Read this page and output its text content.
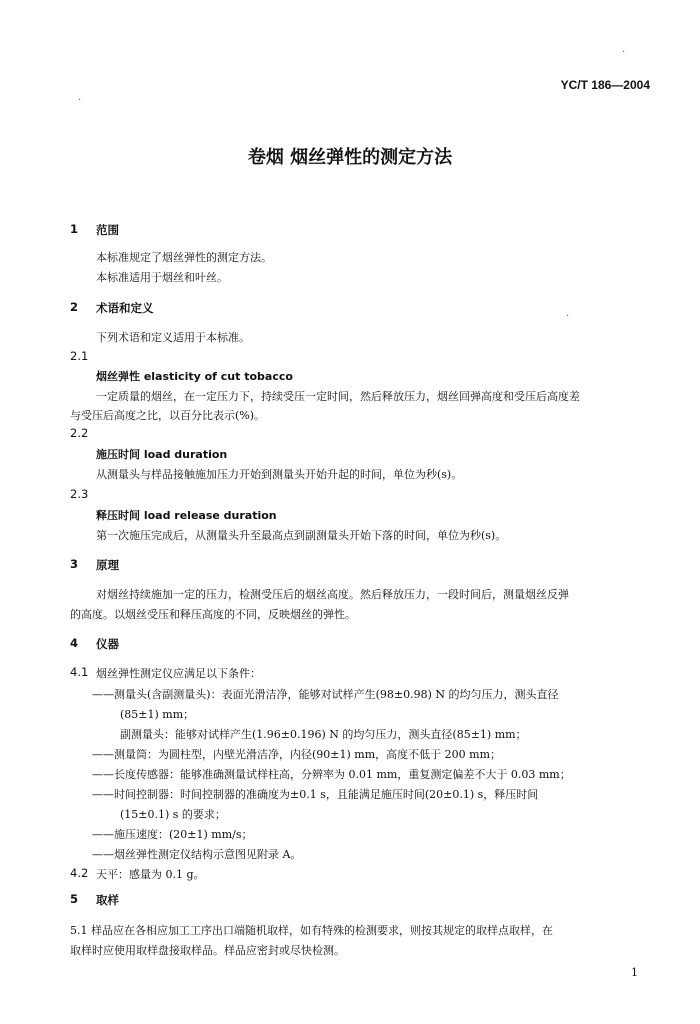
.
.
.
YC/T 186—2004
卷烟 烟丝弹性的测定方法
1 范围
本标准规定了烟丝弹性的测定方法。
本标准适用于烟丝和叶丝。
2 术语和定义
下列术语和定义适用于本标准。
2.1
烟丝弹性 elasticity of cut tobacco
一定质量的烟丝，在一定压力下，持续受压一定时间，然后释放压力，烟丝回弹高度和受压后高度差
与受压后高度之比，以百分比表示(%)。
2.2
施压时间 load duration
从测量头与样品接触施加压力开始到测量头开始升起的时间，单位为秒(s)。
2.3
释压时间 load release duration
第一次施压完成后，从测量头升至最高点到副测量头开始下落的时间，单位为秒(s)。
3 原理
对烟丝持续施加一定的压力，检测受压后的烟丝高度。然后释放压力，一段时间后，测量烟丝反弹
的高度。以烟丝受压和释压高度的不同，反映烟丝的弹性。
4 仪器
4.1 烟丝弹性测定仪应满足以下条件：
——测量头(含副测量头)：表面光滑洁净，能够对试样产生(98±0.98) N 的均匀压力，测头直径
(85±1) mm；
副测量头：能够对试样产生(1.96±0.196) N 的均匀压力，测头直径(85±1) mm；
——测量筒：为圆柱型，内壁光滑洁净，内径(90±1) mm，高度不低于 200 mm；
——长度传感器：能够准确测量试样柱高，分辨率为 0.01 mm，重复测定偏差不大于 0.03 mm；
——时间控制器：时间控制器的准确度为±0.1 s，且能满足施压时间(20±0.1) s，释压时间
(15±0.1) s 的要求；
——施压速度：(20±1) mm/s；
——烟丝弹性测定仪结构示意图见附录 A。
4.2 天平：感量为 0.1 g。
5 取样
5.1 样品应在各相应加工工序出口端随机取样，如有特殊的检测要求，则按其规定的取样点取样，在
取样时应使用取样盘接取样品。样品应密封或尽快检测。
1
